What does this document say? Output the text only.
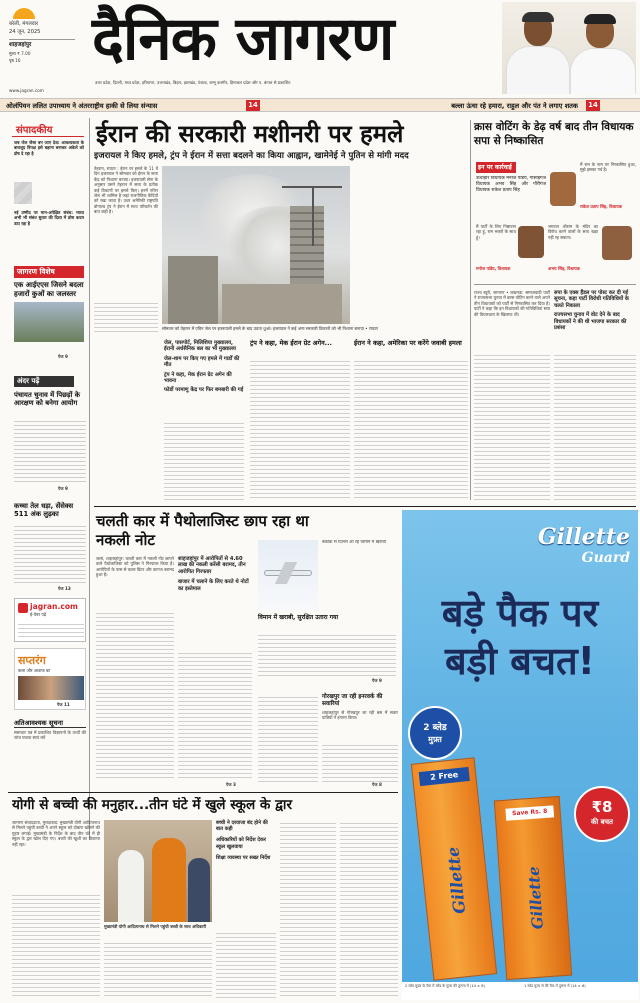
बरेली, मंगलवार
24 जून, 2025
शाहजहांपुर
मूल्य ₹ 7.00
पृष्ठ 16	दैनिक जागरण
उत्तर प्रदेश, दिल्ली, मध्य प्रदेश, हरियाणा, उत्तराखंड, बिहार, झारखंड, पंजाब, जम्मू कश्मीर, हिमाचल प्रदेश और प. बंगाल से प्रकाशित
www.jagran.com
ओलंपियन ललित उपाध्याय ने अंतरराष्ट्रीय हाकी से लिया संन्यास	14	बल्ला ऊंचा रहे हमारा, राहुल और पंत ने लगाए शतक	14
संपादकीय
जब जेल जैसा बन जाए देश: आवश्यकता के बावजूद विपक्ष इसे बहाना बनाकर अकेले को दोष दे रहा है
नई उम्मीद पर मान-अपेक्षित संबंध: भारत अभी भी संबंध सुधार की दिशा में ठोस कदम उठा रहा है
जागरण विशेष
एक आईएएस जिसने बदला हजारों कुओं का जलस्तर
पेज 9
अंदर पढ़ें
पंचायत चुनाव में पिछड़ों के आरक्षण को बनेगा आयोग
पेज 9
कच्चा तेल धड़ा, सेंसेक्स 511 अंक लुढ़का
पेज 13
jagran.com
ई-पेपर पढ़ें
सप्तरंग
कला और आवाज का
पेज 11
अतिआवश्यक सूचना
समाचार पत्र में प्रकाशित विज्ञापनों के तथ्यों की जांच पाठक स्वयं करें
ईरान की सरकारी मशीनरी पर हमले
इजरायल ने किए हमले, ट्रंप ने ईरान में सत्ता बदलने का किया आह्वान, खामेनेई ने पुतिन से मांगी मदद
तेहरान, रायटर : ईरान पर हमले के 11 वें दिन इजरायल ने सोमवार को ईरान के सत्ता केंद्र को निशाना बनाया। इजरायली सेना के अनुसार उसने तेहरान में सत्ता के प्रतीक कई ठिकानों पर हमले किए। इनमें एविन जेल भी शामिल है जहां राजनीतिक कैदियों को रखा जाता है। उधर अमेरिकी राष्ट्रपति डोनाल्ड ट्रंप ने ईरान में सत्ता परिवर्तन की बात कही है।
सोमवार को तेहरान में एविन जेल पर इजरायली हमले के बाद उठता धुआं। इजरायल ने कई अन्य सरकारी ठिकानों को भी निशाना बनाया • रायटर
जेल, पासपोर्ट, मिलिशिया मुख्यालय, ईरानी अर्धसैनिक बल का भी मुख्यालय
जेल-शाम पर किए गए हमले में गार्डों की मौत
ट्रंप ने कहा, मेक ईरान ग्रेट अगेन की भावना
फोर्डो परमाणु केंद्र पर फिर बमबारी की गई
ट्रंप ने कहा, मेक ईरान ग्रेट अगेन...	ईरान ने कहा, अमेरिका पर करेंगे जवाबी हमला
क्रास वोटिंग के डेढ़ वर्ष बाद तीन विधायक सपा से निष्कासित
इन पर कार्रवाई
ऊंचाहार विधायक मनोज पांडेय, गोसाईगंज विधायक अभय सिंह और गौरीगंज विधायक राकेश प्रताप सिंह
मैं राम के नाम पर निष्कासित हुआ, मुझे इसका गर्व है।
राकेश प्रताप सिंह, विधायक
मैं पार्टी के लिए निष्ठावान रहा हूं, राम भक्तों के साथ हूं।
मनोज पांडेय, विधायक
भगवान श्रीराम के मंदिर का विरोध करने वालों के साथ खड़ा नहीं रह सकता।
अभय सिंह, विधायक
राज्य ब्यूरो, जागरण • लखनऊ: समाजवादी पार्टी ने राज्यसभा चुनाव में क्रास वोटिंग करने वाले अपने तीन विधायकों को पार्टी से निष्कासित कर दिया है। पार्टी ने कहा कि इन विधायकों की गतिविधियां सपा की विचारधारा के खिलाफ थीं।
सपा के एक्स हैंडल पर पोस्ट कर दी गई सूचना, कहा पार्टी विरोधी गतिविधियों के चलते निकाला
राज्यसभा चुनाव में वोट देने के बाद विधायकों ने की थी भाजपा सरकार की प्रशंसा
चलती कार में पैथोलाजिस्ट छाप रहा था नकली नोट
शाहजहांपुर में आरोपितों से 4.60 लाख की नकली करेंसी बरामद, तीन आरोपित गिरफ्तार
बाजार में चलाने के लिए करते थे नोटों का इस्तेमाल
जासं, शाहजहांपुर: चलती कार में नकली नोट छापने वाले पैथोलाजिस्ट को पुलिस ने गिरफ्तार किया है। आरोपितों के पास से कलर प्रिंटर और कागज बरामद हुआ है।
पेज 3
बैंकाक से दिल्ली आ रहे विमान में खराबी
विमान में खराबी, सुरक्षित उतारा गया
पेज 9
गोरखपुर जा रही इनरवर्क की सवारियां
शाहजहांपुर से गोरखपुर जा रही बस में सवार यात्रियों ने हंगामा किया।
पेज 8
Gillette
Guard
बड़े पैक पर
बड़ी बचत!
2 ब्लेड
मुफ़्त
₹8
की बचत
2 Free
Gillette
Save Rs. 8
Gillette
2 ब्लेड मुफ़्त के पैक में ब्लेड के मूल्य की तुलना में (14 × 8)	1 ब्लेड मूल्य से की पैक में तुलना में (14 × 6)
योगी से बच्ची की मनुहार...तीन घंटे में खुले स्कूल के द्वार
जागरण संवाददाता, मुरादाबाद: मुख्यमंत्री योगी आदित्यनाथ से मिलने पहुंची बच्ची ने अपने स्कूल को दोबारा खोलने की गुहार लगाई। मुख्यमंत्री के निर्देश के बाद तीन घंटे में ही स्कूल के द्वार खोल दिए गए। बच्ची की खुशी का ठिकाना नहीं रहा।
मुख्यमंत्री योगी आदित्यनाथ से मिलने पहुंची बच्ची के साथ अधिकारी
बच्ची ने दरवाजा बंद होने की बात कही
अधिकारियों को निर्देश देकर स्कूल खुलवाया
शिक्षा व्यवस्था पर सख्त निर्देश
